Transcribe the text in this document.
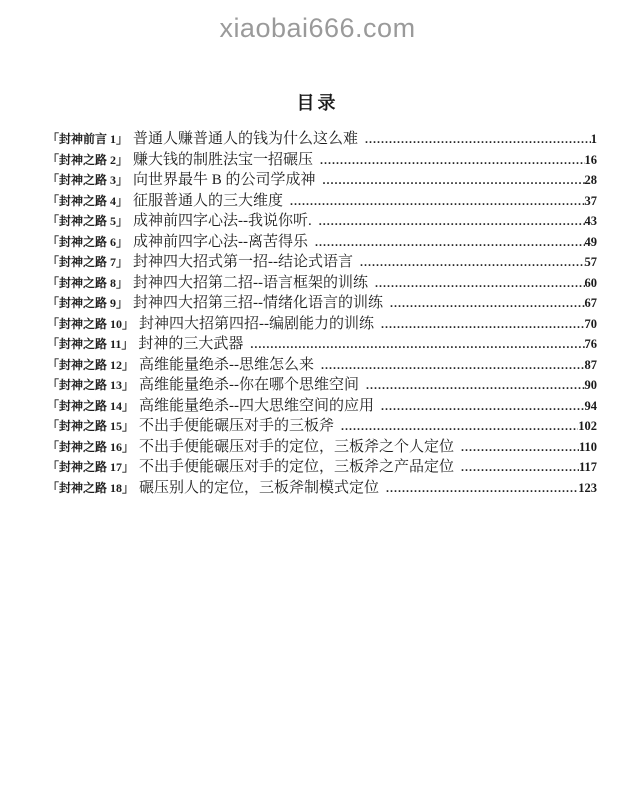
xiaobai666.com
目录
「封神前言 1」 普通人赚普通人的钱为什么这么难 .....	1
「封神之路 2」 赚大钱的制胜法宝一招碾压 .....	16
「封神之路 3」 向世界最牛 B 的公司学成神 .....	28
「封神之路 4」 征服普通人的三大维度 .....	37
「封神之路 5」 成神前四字心法--我说你听. .....	43
「封神之路 6」 成神前四字心法--离苦得乐 .....	49
「封神之路 7」 封神四大招式第一招--结论式语言 .....	57
「封神之路 8」 封神四大招第二招--语言框架的训练 .....	60
「封神之路 9」 封神四大招第三招--情绪化语言的训练 .....	67
「封神之路 10」 封神四大招第四招--编剧能力的训练 .....	70
「封神之路 11」 封神的三大武器 .....	76
「封神之路 12」 高维能量绝杀--思维怎么来 .....	87
「封神之路 13」 高维能量绝杀--你在哪个思维空间 .....	90
「封神之路 14」 高维能量绝杀--四大思维空间的应用 .....	94
「封神之路 15」 不出手便能碾压对手的三板斧 .....	102
「封神之路 16」 不出手便能碾压对手的定位，三板斧之个人定位 .....	110
「封神之路 17」 不出手便能碾压对手的定位，三板斧之产品定位 .....	117
「封神之路 18」 碾压别人的定位，三板斧制模式定位 .....	123
